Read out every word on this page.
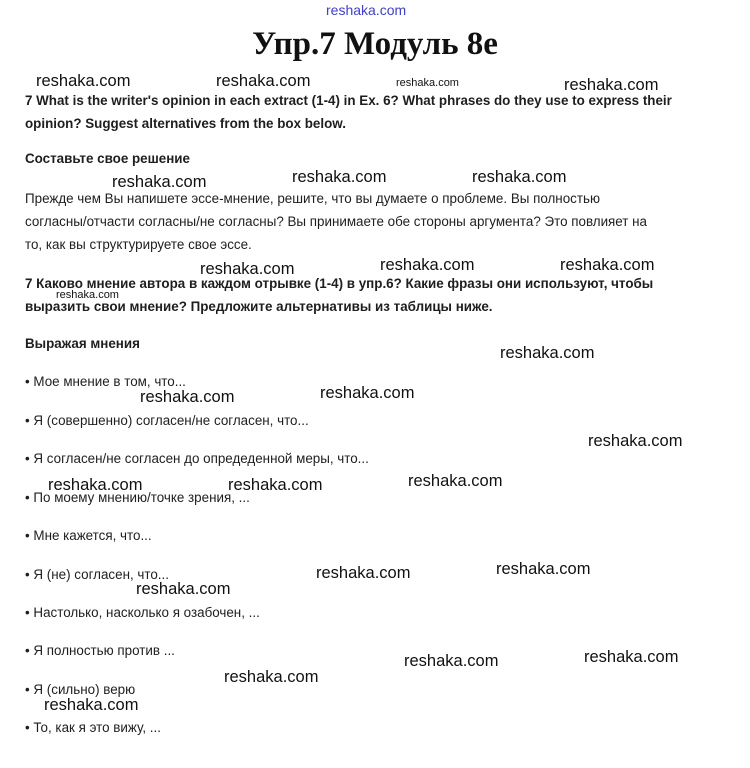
reshaka.com
Упр.7 Модуль 8е
7 What is the writer's opinion in each extract (1-4) in Ex. 6? What phrases do they use to express their
opinion? Suggest alternatives from the box below.
Составьте свое решение
Прежде чем Вы напишете эссе-мнение, решите, что вы думаете о проблеме. Вы полностью
согласны/отчасти согласны/не согласны? Вы принимаете обе стороны аргумента? Это повлияет на
то, как вы структурируете свое эссе.
7 Каково мнение автора в каждом отрывке (1-4) в упр.6? Какие фразы они используют, чтобы
выразить свои мнение? Предложите альтернативы из таблицы ниже.
Выражая мнения
• Мое мнение в том, что...
• Я (совершенно) согласен/не согласен, что...
• Я согласен/не согласен до опредеденной меры, что...
• По моему мнению/точке зрения, ...
• Мне кажется, что...
• Я (не) согласен, что...
• Настолько, насколько я озабочен, ...
• Я полностью против ...
• Я (сильно) верю
• То, как я это вижу, ...
reshaka.com	reshaka.com	reshaka.com	reshaka.com
reshaka.com	reshaka.com	reshaka.com
reshaka.com	reshaka.com	reshaka.com
reshaka.com
reshaka.com
reshaka.com	reshaka.com
reshaka.com
reshaka.com	reshaka.com	reshaka.com
reshaka.com	reshaka.com
reshaka.com
reshaka.com	reshaka.com
reshaka.com
reshaka.com
